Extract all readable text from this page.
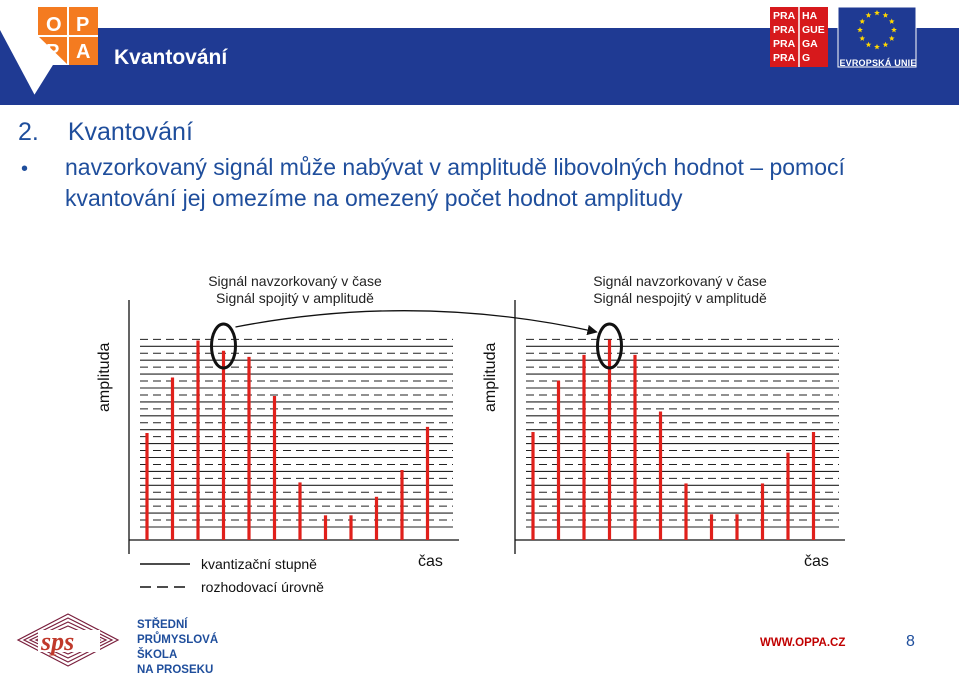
O P
P A
PRA HA
PRA GUE
PRA GA
PRA G
Kvantování	EVROPSKÁ UNIE
2. Kvantování
• navzorkovaný signál může nabývat v amplitudě libovolných hodnot – pomocí kvantování jej omezíme na omezený počet hodnot amplitudy
Signál navzorkovaný v čase
Signál spojitý v amplitudě
Signál navzorkovaný v čase
Signál nespojitý v amplitudě
amplituda	amplituda
čas	čas
kvantizační stupně
rozhodovací úrovně
sps
STŘEDNÍ
PRŮMYSLOVÁ
ŠKOLA
NA PROSEKU
WWW.OPPA.CZ	8
